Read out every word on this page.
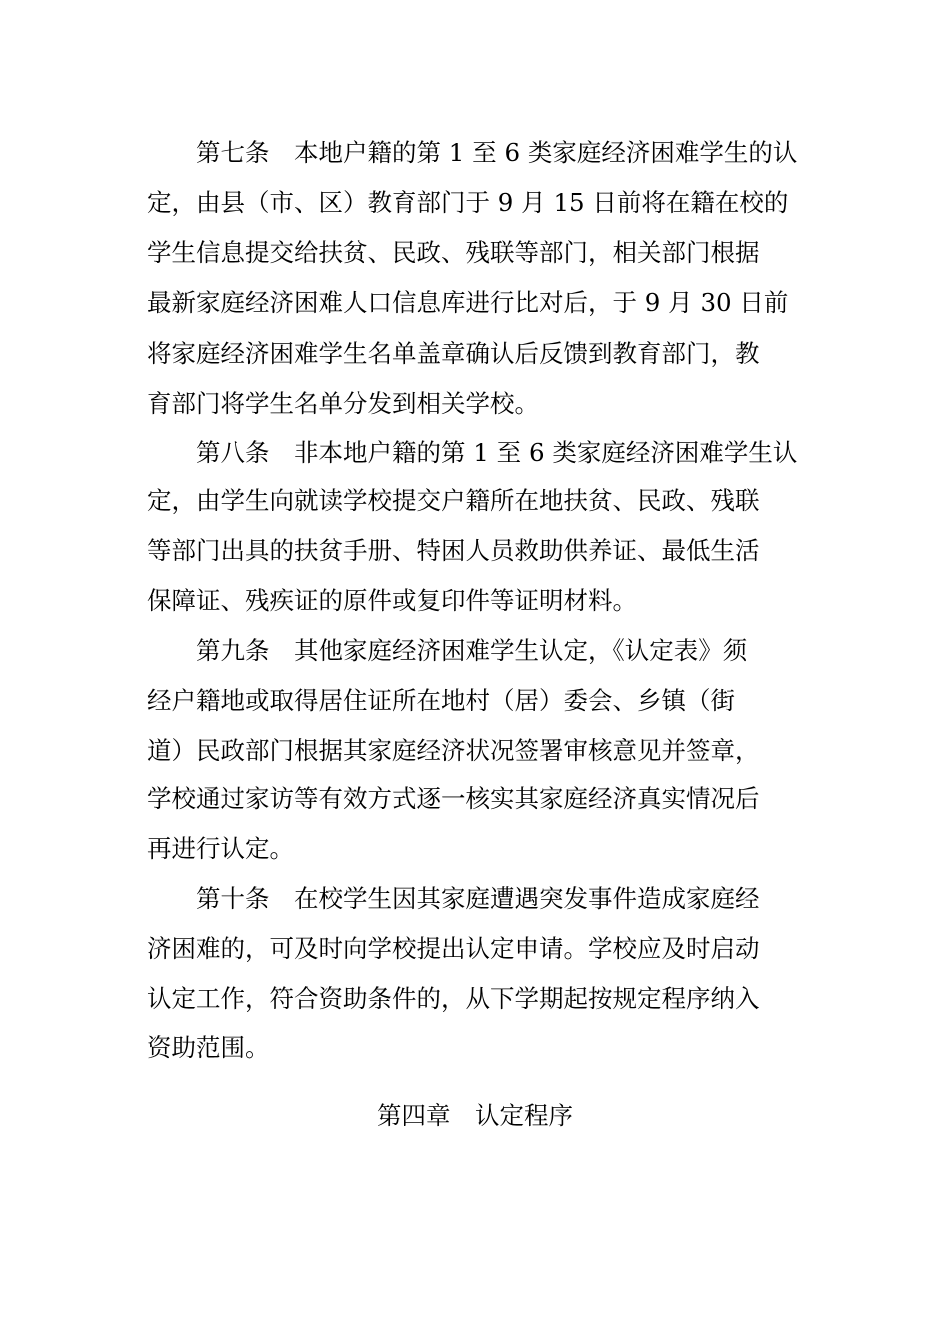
第七条　本地户籍的第 1 至 6 类家庭经济困难学生的认
定，由县（市、区）教育部门于 9 月 15 日前将在籍在校的
学生信息提交给扶贫、民政、残联等部门，相关部门根据
最新家庭经济困难人口信息库进行比对后，于 9 月 30 日前
将家庭经济困难学生名单盖章确认后反馈到教育部门，教
育部门将学生名单分发到相关学校。
第八条　非本地户籍的第 1 至 6 类家庭经济困难学生认
定，由学生向就读学校提交户籍所在地扶贫、民政、残联
等部门出具的扶贫手册、特困人员救助供养证、最低生活
保障证、残疾证的原件或复印件等证明材料。
第九条　其他家庭经济困难学生认定，《认定表》须
经户籍地或取得居住证所在地村（居）委会、乡镇（街
道）民政部门根据其家庭经济状况签署审核意见并签章，
学校通过家访等有效方式逐一核实其家庭经济真实情况后
再进行认定。
第十条　在校学生因其家庭遭遇突发事件造成家庭经
济困难的，可及时向学校提出认定申请。学校应及时启动
认定工作，符合资助条件的，从下学期起按规定程序纳入
资助范围。
第四章　认定程序
